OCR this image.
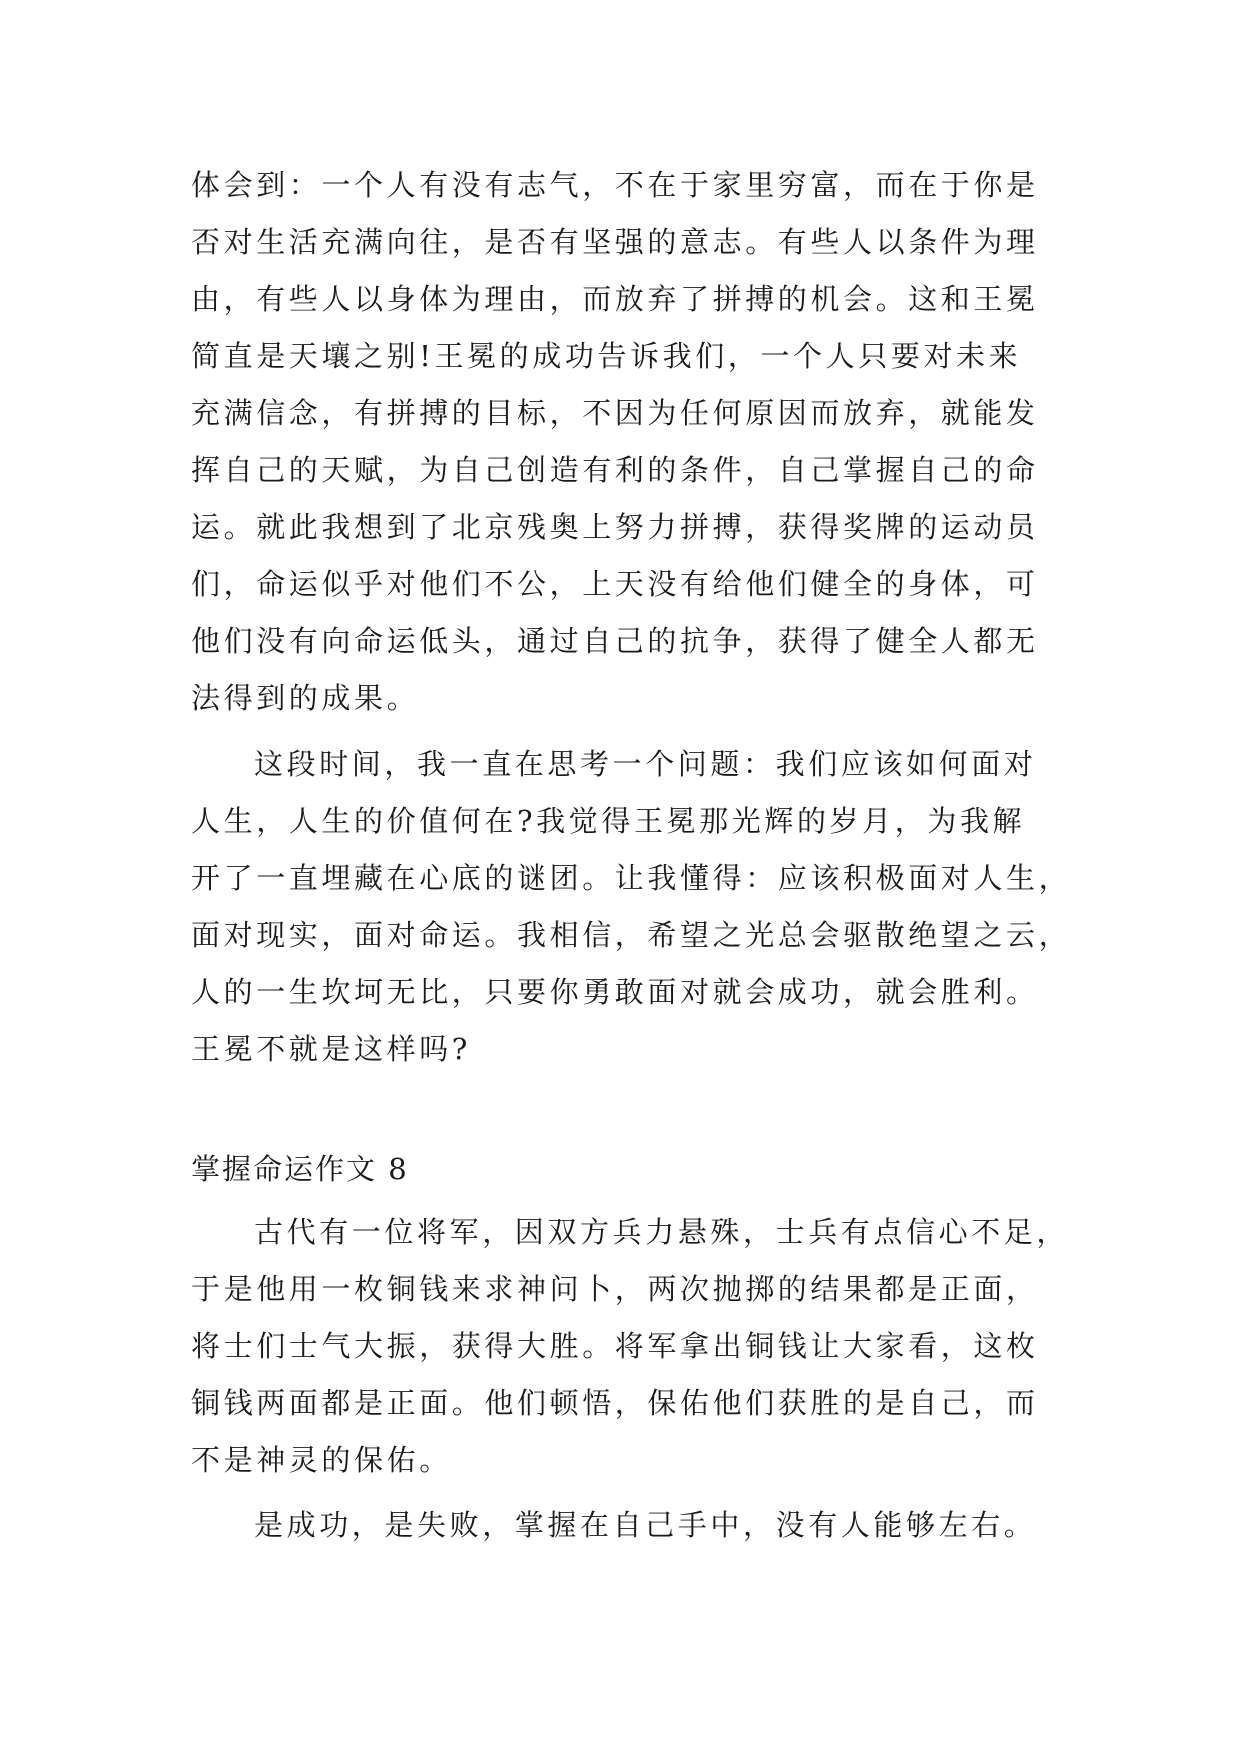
体会到：一个人有没有志气，不在于家里穷富，而在于你是

否对生活充满向往，是否有坚强的意志。有些人以条件为理

由，有些人以身体为理由，而放弃了拼搏的机会。这和王冕

简直是天壤之别!王冕的成功告诉我们，一个人只要对未来

充满信念，有拼搏的目标，不因为任何原因而放弃，就能发

挥自己的天赋，为自己创造有利的条件，自己掌握自己的命

运。就此我想到了北京残奥上努力拼搏，获得奖牌的运动员

们，命运似乎对他们不公，上天没有给他们健全的身体，可

他们没有向命运低头，通过自己的抗争，获得了健全人都无

法得到的成果。

这段时间，我一直在思考一个问题：我们应该如何面对

人生，人生的价值何在?我觉得王冕那光辉的岁月，为我解

开了一直埋藏在心底的谜团。让我懂得：应该积极面对人生，

面对现实，面对命运。我相信，希望之光总会驱散绝望之云，

人的一生坎坷无比，只要你勇敢面对就会成功，就会胜利。

王冕不就是这样吗?

掌握命运作文 8

古代有一位将军，因双方兵力悬殊，士兵有点信心不足，

于是他用一枚铜钱来求神问卜，两次抛掷的结果都是正面，

将士们士气大振，获得大胜。将军拿出铜钱让大家看，这枚

铜钱两面都是正面。他们顿悟，保佑他们获胜的是自己，而

不是神灵的保佑。

是成功，是失败，掌握在自己手中，没有人能够左右。
